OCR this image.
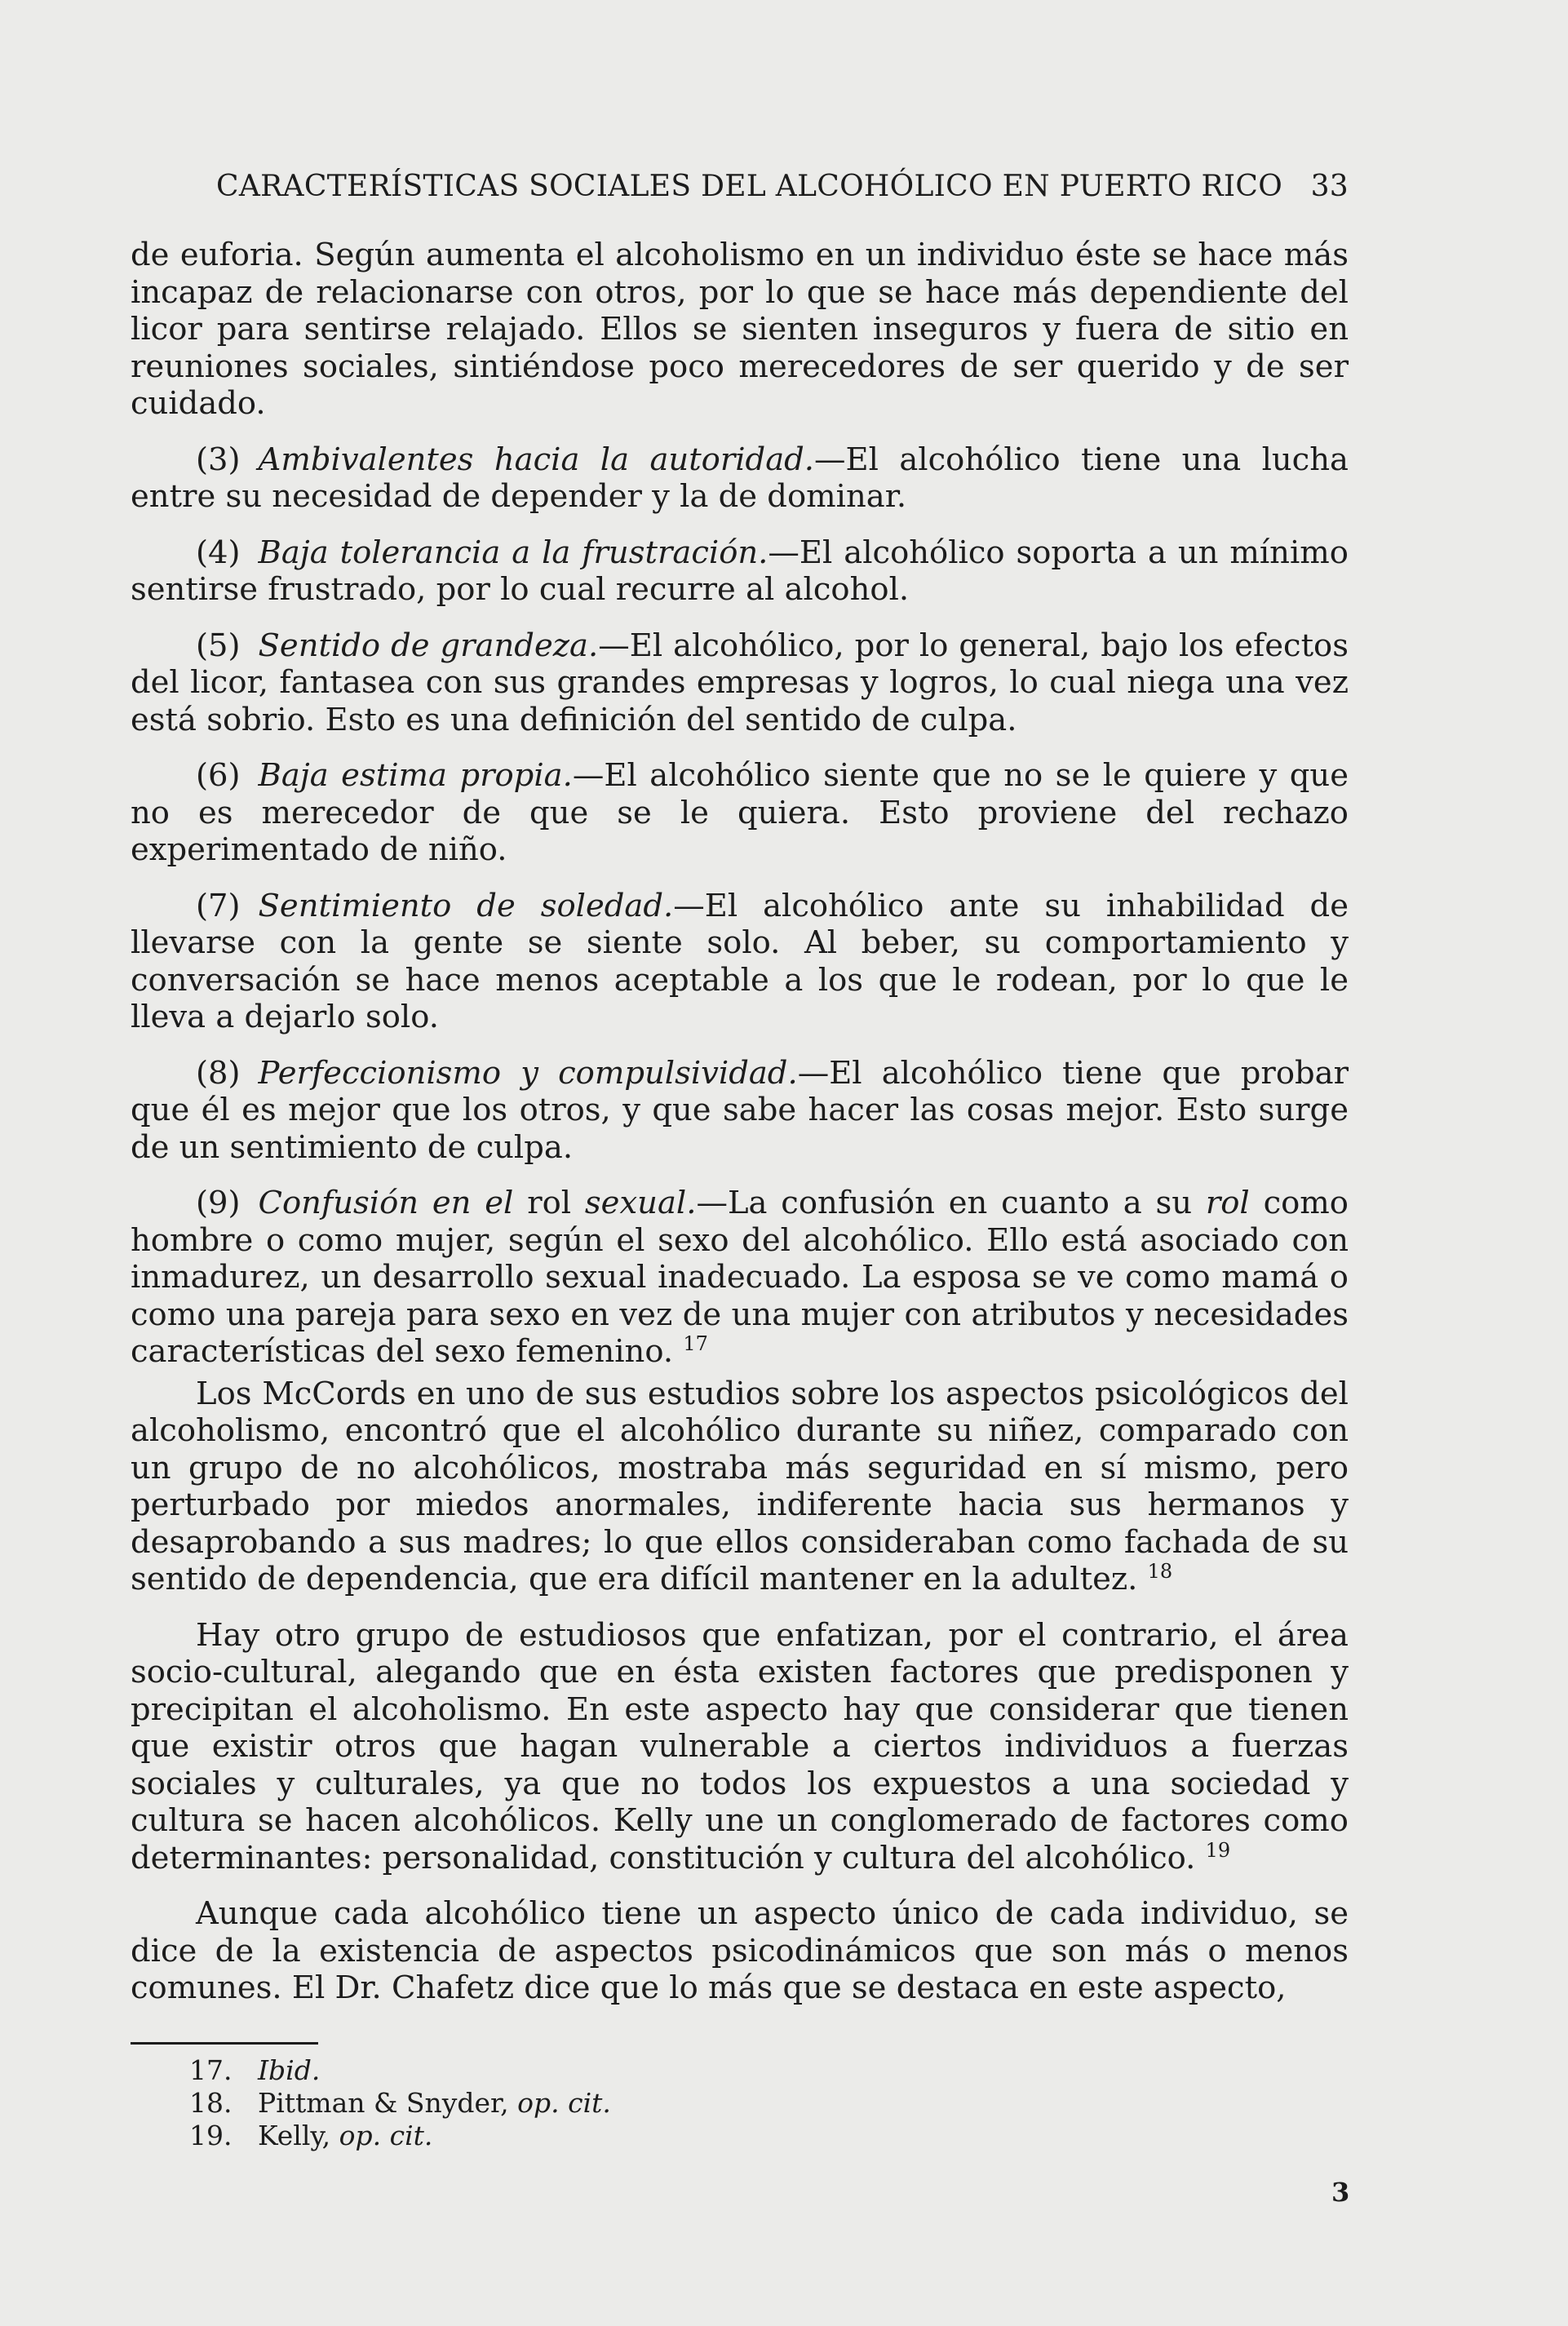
CARACTERÍSTICAS SOCIALES DEL ALCOHÓLICO EN PUERTO RICO 33

de euforia. Según aumenta el alcoholismo en un individuo éste se hace más incapaz de relacionarse con otros, por lo que se hace más dependiente del licor para sentirse relajado. Ellos se sienten inseguros y fuera de sitio en reuniones sociales, sintiéndose poco merecedores de ser querido y de ser cuidado.

(3) Ambivalentes hacia la autoridad.—El alcohólico tiene una lucha entre su necesidad de depender y la de dominar.

(4) Baja tolerancia a la frustración.—El alcohólico soporta a un mínimo sentirse frustrado, por lo cual recurre al alcohol.

(5) Sentido de grandeza.—El alcohólico, por lo general, bajo los efectos del licor, fantasea con sus grandes empresas y logros, lo cual niega una vez está sobrio. Esto es una definición del sentido de culpa.

(6) Baja estima propia.—El alcohólico siente que no se le quiere y que no es merecedor de que se le quiera. Esto proviene del rechazo experimentado de niño.

(7) Sentimiento de soledad.—El alcohólico ante su inhabilidad de llevarse con la gente se siente solo. Al beber, su comportamiento y conversación se hace menos aceptable a los que le rodean, por lo que le lleva a dejarlo solo.

(8) Perfeccionismo y compulsividad.—El alcohólico tiene que probar que él es mejor que los otros, y que sabe hacer las cosas mejor. Esto surge de un sentimiento de culpa.

(9) Confusión en el rol sexual.—La confusión en cuanto a su rol como hombre o como mujer, según el sexo del alcohólico. Ello está asociado con inmadurez, un desarrollo sexual inadecuado. La esposa se ve como mamá o como una pareja para sexo en vez de una mujer con atributos y necesidades características del sexo femenino. $^{17}$

Los McCords en uno de sus estudios sobre los aspectos psicológicos del alcoholismo, encontró que el alcohólico durante su niñez, comparado con un grupo de no alcohólicos, mostraba más seguridad en sí mismo, pero perturbado por miedos anormales, indiferente hacia sus hermanos y desaprobando a sus madres; lo que ellos consideraban como fachada de su sentido de dependencia, que era difícil mantener en la adultez. $^{18}$

Hay otro grupo de estudiosos que enfatizan, por el contrario, el área socio-cultural, alegando que en ésta existen factores que predisponen y precipitan el alcoholismo. En este aspecto hay que considerar que tienen que existir otros que hagan vulnerable a ciertos individuos a fuerzas sociales y culturales, ya que no todos los expuestos a una sociedad y cultura se hacen alcohólicos. Kelly une un conglomerado de factores como determinantes: personalidad, constitución y cultura del alcohólico. $^{19}$

Aunque cada alcohólico tiene un aspecto único de cada individuo, se dice de la existencia de aspectos psicodinámicos que son más o menos comunes. El Dr. Chafetz dice que lo más que se destaca en este aspecto,

17. Ibid.
18. Pittman & Snyder, op. cit.
19. Kelly, op. cit.
3
